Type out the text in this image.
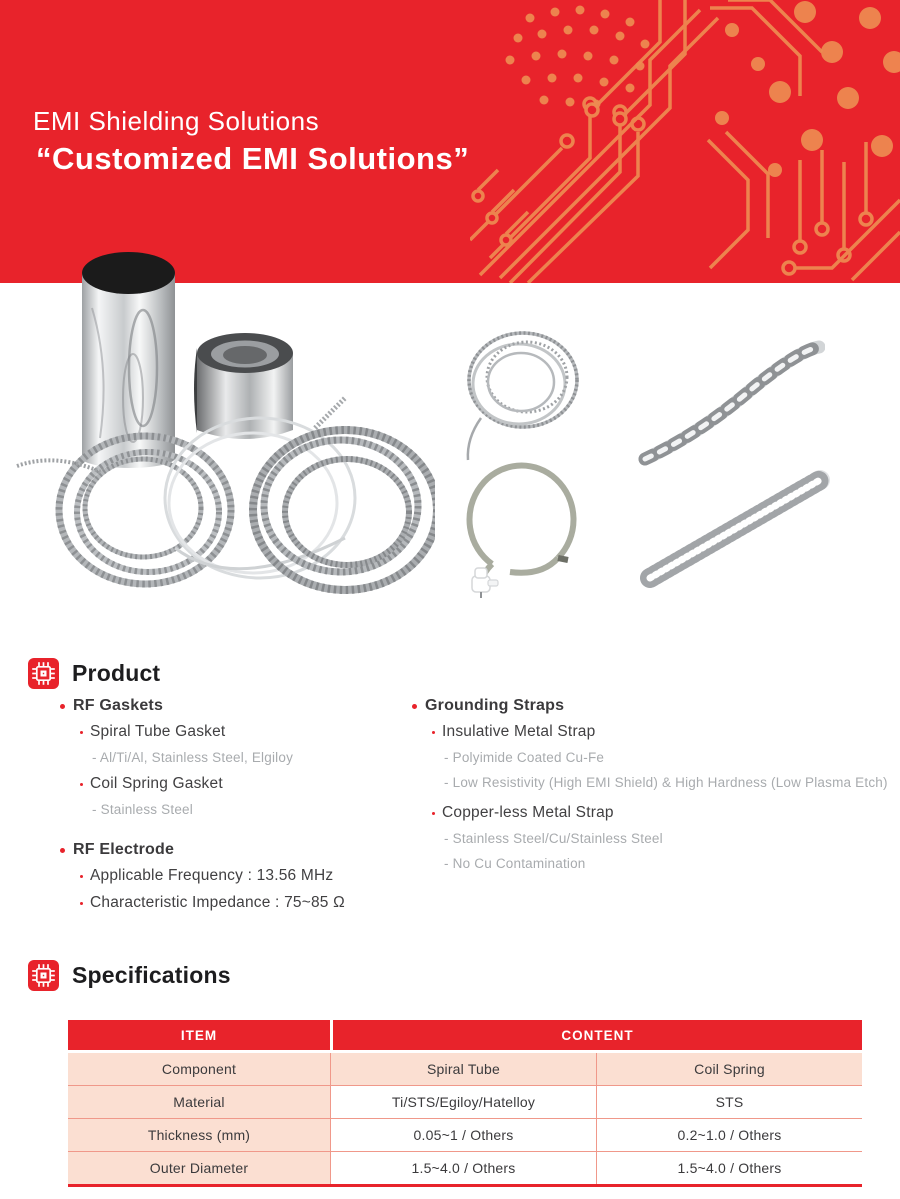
EMI Shielding Solutions
“Customized EMI Solutions”
Product
RF Gaskets
Spiral Tube Gasket
- Al/Ti/Al, Stainless Steel, Elgiloy
Coil Spring Gasket
- Stainless Steel
RF Electrode
Applicable Frequency : 13.56 MHz
Characteristic Impedance : 75~85 Ω
Grounding Straps
Insulative Metal Strap
- Polyimide Coated Cu-Fe
- Low Resistivity (High EMI Shield) & High Hardness (Low Plasma Etch)
Copper-less Metal Strap
- Stainless Steel/Cu/Stainless Steel
- No Cu Contamination
Specifications
ITEM	CONTENT
Component	Spiral Tube	Coil Spring
Material	Ti/STS/Egiloy/Hatelloy	STS
Thickness (mm)	0.05~1 / Others	0.2~1.0 / Others
Outer Diameter	1.5~4.0 / Others	1.5~4.0 / Others
